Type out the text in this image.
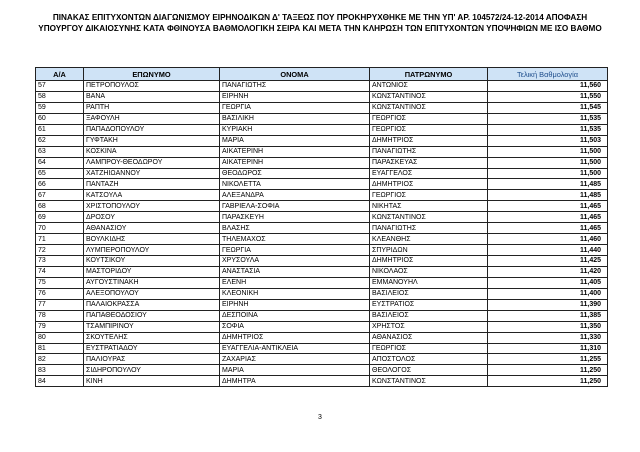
ΠΙΝΑΚΑΣ ΕΠΙΤΥΧΟΝΤΩΝ ΔΙΑΓΩΝΙΣΜΟΥ ΕΙΡΗΝΟΔΙΚΩΝ Δ' ΤΑΞΕΩΣ ΠΟΥ ΠΡΟΚΗΡΥΧΘΗΚΕ ΜΕ ΤΗΝ ΥΠ' ΑΡ. 104572/24-12-2014 ΑΠΟΦΑΣΗ
ΥΠΟΥΡΓΟΥ ΔΙΚΑΙΟΣΥΝΗΣ ΚΑΤΑ ΦΘΙΝΟΥΣΑ ΒΑΘΜΟΛΟΓΙΚΗ ΣΕΙΡΑ ΚΑΙ ΜΕΤΑ ΤΗΝ ΚΛΗΡΩΣΗ ΤΩΝ ΕΠΙΤΥΧΟΝΤΩΝ ΥΠΟΨΗΦΙΩΝ ΜΕ ΙΣΟ ΒΑΘΜΟ
Α/Α	ΕΠΩΝΥΜΟ	ΟΝΟΜΑ	ΠΑΤΡΩΝΥΜΟ	Τελική Βαθμολογία
57	ΠΕΤΡΟΠΟΥΛΟΣ	ΠΑΝΑΓΙΩΤΗΣ	ΑΝΤΩΝΙΟΣ	11,560
58	ΒΑΝΑ	ΕΙΡΗΝΗ	ΚΩΝΣΤΑΝΤΙΝΟΣ	11,550
59	ΡΑΠΤΗ	ΓΕΩΡΓΙΑ	ΚΩΝΣΤΑΝΤΙΝΟΣ	11,545
60	ΞΑΦΟΥΛΗ	ΒΑΣΙΛΙΚΗ	ΓΕΩΡΓΙΟΣ	11,535
61	ΠΑΠΑΔΟΠΟΥΛΟΥ	ΚΥΡΙΑΚΗ	ΓΕΩΡΓΙΟΣ	11,535
62	ΓΥΦΤΑΚΗ	ΜΑΡΙΑ	ΔΗΜΗΤΡΙΟΣ	11,503
63	ΚΟΣΚΙΝΑ	ΑΙΚΑΤΕΡΙΝΗ	ΠΑΝΑΓΙΩΤΗΣ	11,500
64	ΛΑΜΠΡΟΥ-ΘΕΟΔΩΡΟΥ	ΑΙΚΑΤΕΡΙΝΗ	ΠΑΡΑΣΚΕΥΑΣ	11,500
65	ΧΑΤΖΗΙΩΑΝΝΟΥ	ΘΕΟΔΩΡΟΣ	ΕΥΑΓΓΕΛΟΣ	11,500
66	ΠΑΝΤΑΖΗ	ΝΙΚΟΛΕΤΤΑ	ΔΗΜΗΤΡΙΟΣ	11,485
67	ΚΑΤΣΟΥΛΑ	ΑΛΕΞΑΝΔΡΑ	ΓΕΩΡΓΙΟΣ	11,485
68	ΧΡΙΣΤΟΠΟΥΛΟΥ	ΓΑΒΡΙΕΛΑ-ΣΟΦΙΑ	ΝΙΚΗΤΑΣ	11,465
69	ΔΡΟΣΟΥ	ΠΑΡΑΣΚΕΥΗ	ΚΩΝΣΤΑΝΤΙΝΟΣ	11,465
70	ΑΘΑΝΑΣΙΟΥ	ΒΛΑΣΗΣ	ΠΑΝΑΓΙΩΤΗΣ	11,465
71	ΒΟΥΛΚΙΔΗΣ	ΤΗΛΕΜΑΧΟΣ	ΚΛΕΑΝΘΗΣ	11,460
72	ΛΥΜΠΕΡΟΠΟΥΛΟΥ	ΓΕΩΡΓΙΑ	ΣΠΥΡΙΔΩΝ	11,440
73	ΚΟΥΤΣΙΚΟΥ	ΧΡΥΣΟΥΛΑ	ΔΗΜΗΤΡΙΟΣ	11,425
74	ΜΑΣΤΟΡΙΔΟΥ	ΑΝΑΣΤΑΣΙΑ	ΝΙΚΟΛΑΟΣ	11,420
75	ΑΥΓΟΥΣΤΙΝΑΚΗ	ΕΛΕΝΗ	ΕΜΜΑΝΟΥΗΛ	11,405
76	ΑΛΕΞΟΠΟΥΛΟΥ	ΚΛΕΟΝΙΚΗ	ΒΑΣΙΛΕΙΟΣ	11,400
77	ΠΑΛΑΙΟΚΡΑΣΣΑ	ΕΙΡΗΝΗ	ΕΥΣΤΡΑΤΙΟΣ	11,390
78	ΠΑΠΑΘΕΟΔΟΣΙΟΥ	ΔΕΣΠΟΙΝΑ	ΒΑΣΙΛΕΙΟΣ	11,385
79	ΤΣΑΜΠΙΡΙΝΟΥ	ΣΟΦΙΑ	ΧΡΗΣΤΟΣ	11,350
80	ΣΚΟΥΤΕΛΗΣ	ΔΗΜΗΤΡΙΟΣ	ΑΘΑΝΑΣΙΟΣ	11,330
81	ΕΥΣΤΡΑΤΙΑΔΟΥ	ΕΥΑΓΓΕΛΙΑ-ΑΝΤΙΚΛΕΙΑ	ΓΕΩΡΓΙΟΣ	11,310
82	ΠΑΛΙΟΥΡΑΣ	ΖΑΧΑΡΙΑΣ	ΑΠΟΣΤΟΛΟΣ	11,255
83	ΣΙΔΗΡΟΠΟΥΛΟΥ	ΜΑΡΙΑ	ΘΕΟΛΟΓΟΣ	11,250
84	ΚΙΝΗ	ΔΗΜΗΤΡΑ	ΚΩΝΣΤΑΝΤΙΝΟΣ	11,250
3
